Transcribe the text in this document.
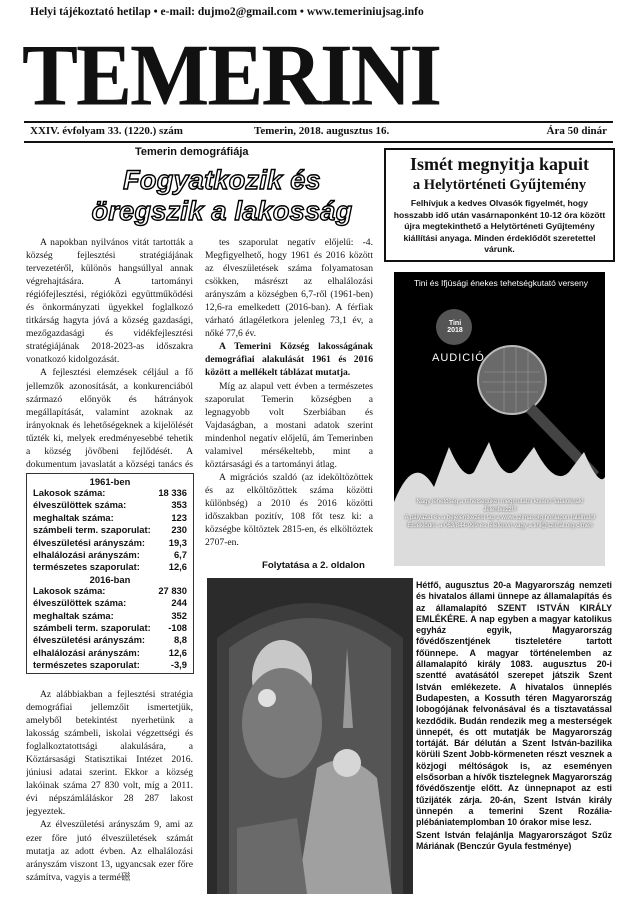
Helyi tájékoztató hetilap • e-mail: dujmo2@gmail.com • www.temeriniujsag.info
TEMERINI
XXIV. évfolyam 33. (1220.) szám	Temerin, 2018. augusztus 16.	Ára 50 dinár
Temerin demográfiája
Fogyatkozik és
öregszik a lakosság

A napokban nyilvános vitát tartották a község fejlesztési stratégiájának tervezetéről, különös hangsúllyal annak végrehajtására. A tartományi régiófejlesztési, régióközi együttműködési és önkormányzati ügyekkel foglalkozó titkárság hagyta jóvá a község gazdasági, mezőgazdasági és vidékfejlesztési stratégiájának 2018-2023-as időszakra vonatkozó kidolgozását.

A fejlesztési elemzések céljául a fő jellemzők azonosítását, a konkurenciából származó előnyök és hátrányok megállapítását, valamint azoknak az irányoknak és lehetőségeknek a kijelölését tűzték ki, melyek eredményesebbé tehetik a község jövőbeni fejlődését. A dokumentum javaslatát a községi tanács és

1961-ben
Lakosok száma:	18 336
élveszülöttek száma:	353
meghaltak száma:	123
számbeli term. szaporulat: 230
élveszületési arányszám:	19,3
elhalálozási arányszám:	6,7
természetes szaporulat:	12,6
2016-ban
Lakosok száma:	27 830
élveszülöttek száma:	244
meghaltak száma:	352
számbeli term. szaporulat: -108
élveszületési arányszám:	8,8
elhalálozási arányszám:	12,6
természetes szaporulat:	-3,9

Az alábbiakban a fejlesztési stratégia demográfiai jellemzőit ismertetjük, amelyből betekintést nyerhetünk a lakosság számbeli, iskolai végzettségi és foglalkoztatottsági alakulására, a Köztársasági Statisztikai Intézet 2016. júniusi adatai szerint. Ekkor a község lakóinak száma 27 830 volt, míg a 2011. évi népszámláláskor 28 287 lakost jegyeztek.

Az élveszületési arányszám 9, ami az ezer főre jutó élveszületések számát mutatja az adott évben. Az elhalálozási arányszám viszont 13, ugyancsak ezer főre számítva, vagyis a termé磁

tes szaporulat negatív előjelű: -4. Megfigyelhető, hogy 1961 és 2016 között az élveszületések száma folyamatosan csökken, másrészt az elhalálozási arányszám a községben 6,7-ről (1961-ben) 12,6-ra emelkedett (2016-ban). A férfiak várható átlagéletkora jelenleg 73,1 év, a nőké 77,6 év.

A Temerini Község lakosságának demográfiai alakulását 1961 és 2016 között a mellékelt táblázat mutatja.

Míg az alapul vett évben a természetes szaporulat Temerin községben a legnagyobb volt Szerbiában és Vajdaságban, a mostani adatok szerint mindenhol negatív előjelű, ám Temerinben valamivel mérsékeltebb, mint a köztársasági és a tartományi átlag.

A migrációs szaldó (az ideköltözöttek és az elköltözöttek száma közötti különbség) a 2010 és 2016 közötti időszakban pozitív, 108 főt tesz ki: a községbe költöztek 2815-en, és elköltöztek 2707-en.

Folytatása a 2. oldalon
Ismét megnyitja kapuit
a Helytörténeti Gyűjtemény
Felhívjuk a kedves Olvasók figyelmét, hogy hosszabb idő után vasárnaponként 10-12 óra között újra megtekinthető a Helytörténeti Gyűjtemény kiállítási anyaga. Minden érdeklődőt szeretettel várunk.
Tini és Ifjúsági énekes tehetségkutató verseny
Tini 2018
AUDICIÓ
Nagy lehetőség a tehetségüket megmutatni kívánó fiataloknak!
Jelentkezz!!!
A pályázat és a bejelentkezési lap a www.szimal.org honlapon található!
Érdeklődni: a 063/844-999-es telefonon vagy a tini@szimal.org címen

Hétfő, augusztus 20-a Magyarország nemzeti és hivatalos állami ünnepe az államalapítás és az államalapító SZENT ISTVÁN KIRÁLY EMLÉKÉRE. A nap egyben a magyar katolikus egyház egyik, Magyarország fővédőszentjének tiszteletére tartott főünnepe. A magyar történelemben az államalapító király 1083. augusztus 20-i szentté avatásától szerepet játszik Szent István emlékezete. A hivatalos ünneplés Budapesten, a Kossuth téren Magyarország lobogójának felvonásával és a tisztavatással kezdődik. Budán rendezik meg a mesterségek ünnepét, és ott mutatják be Magyarország tortáját. Bár délután a Szent István-bazilika körüli Szent Jobb-körmeneten részt vesznek a közjogi méltóságok is, az eseményen elsősorban a hívők tisztelegnek Magyarország fővédőszentje előtt. Az ünnepnapot az esti tűzijáték zárja. 20-án, Szent István király ünnepén a temerini Szent Rozália-plébániatemplomban 10 órakor mise lesz.

Szent István felajánlja Magyarországot Szűz Máriának (Benczúr Gyula festménye)
